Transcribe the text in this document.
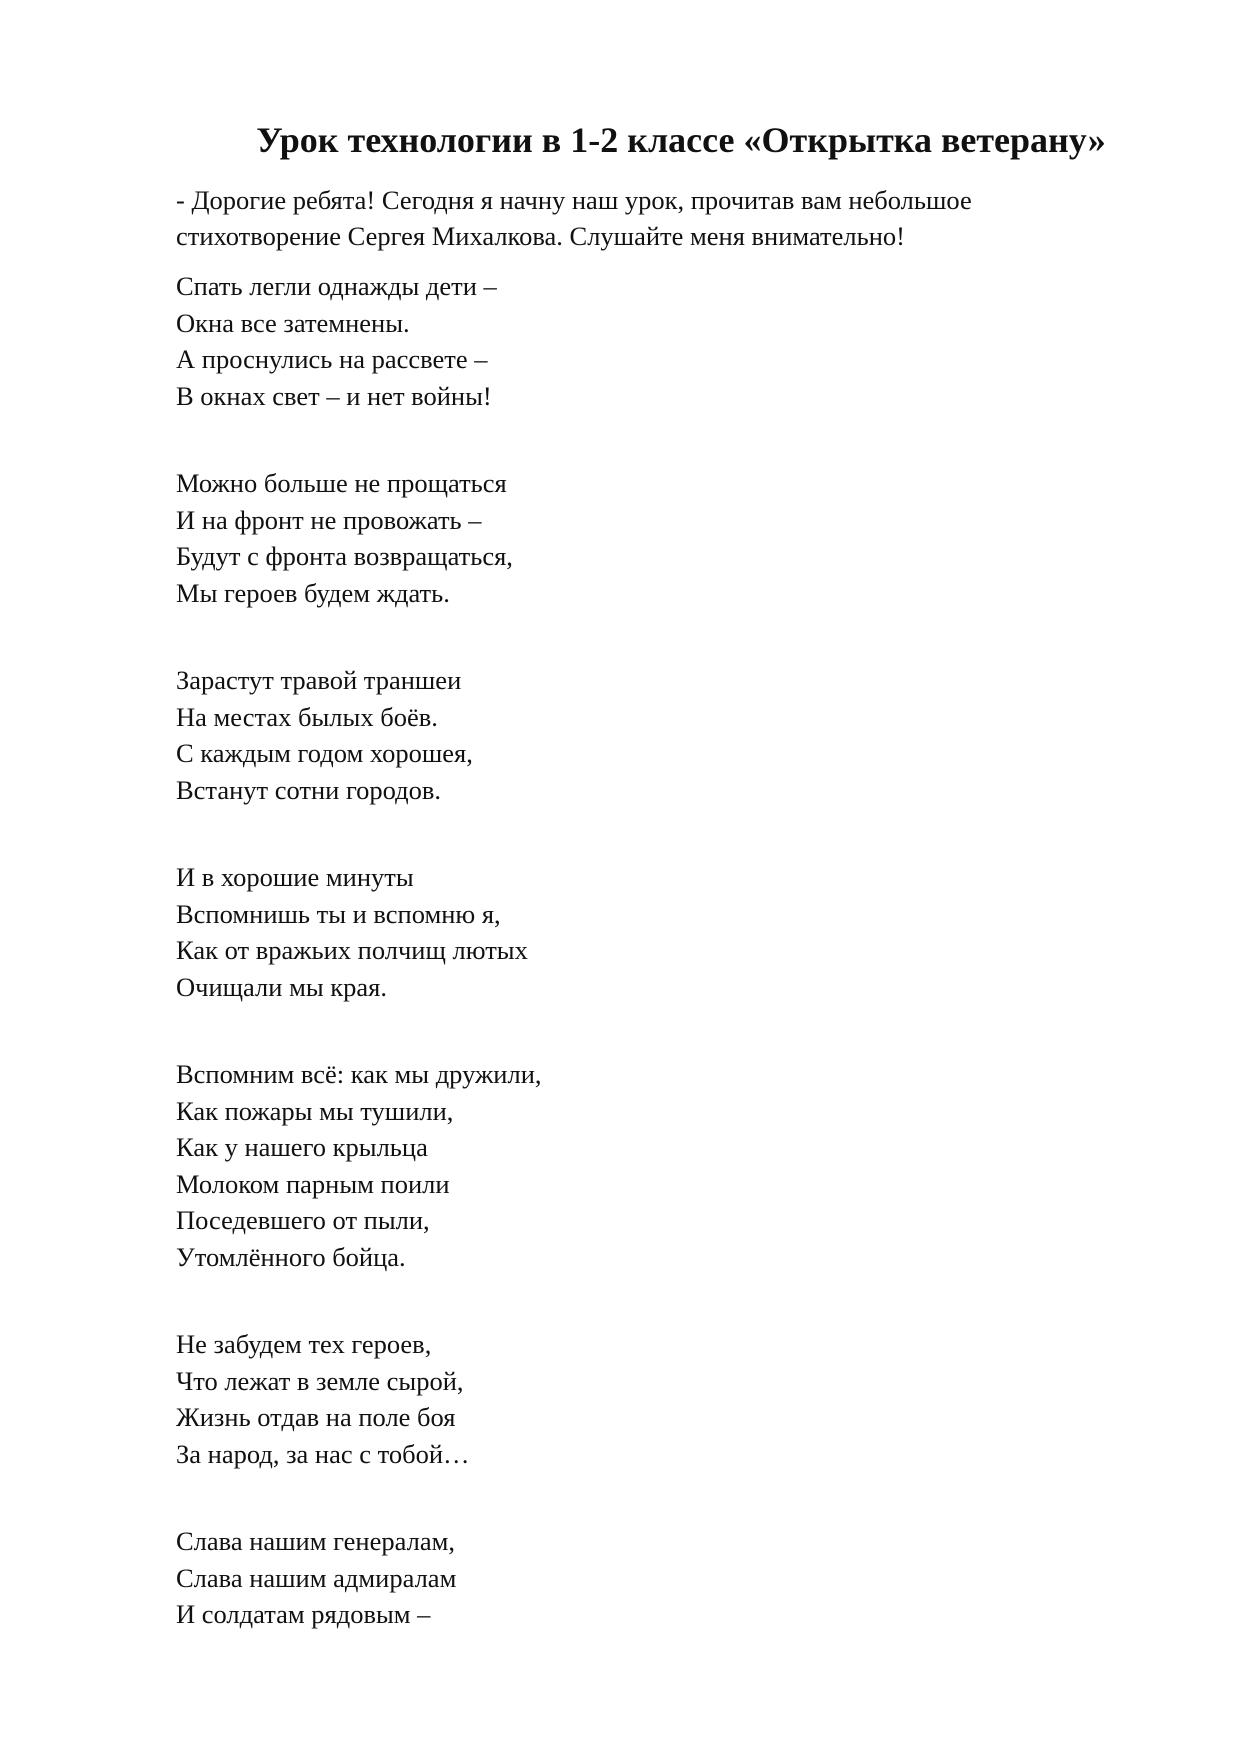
Урок технологии в 1-2 классе «Открытка ветерану»

- Дорогие ребята! Сегодня я начну наш урок, прочитав вам небольшое
стихотворение Сергея Михалкова. Слушайте меня внимательно!

Спать легли однажды дети –
Окна все затемнены.
А проснулись на рассвете –
В окнах свет – и нет войны!
Можно больше не прощаться
И на фронт не провожать –
Будут с фронта возвращаться,
Мы героев будем ждать.
Зарастут травой траншеи
На местах былых боёв.
С каждым годом хорошея,
Встанут сотни городов.
И в хорошие минуты
Вспомнишь ты и вспомню я,
Как от вражьих полчищ лютых
Очищали мы края.
Вспомним всё: как мы дружили,
Как пожары мы тушили,
Как у нашего крыльца
Молоком парным поили
Поседевшего от пыли,
Утомлённого бойца.
Не забудем тех героев,
Что лежат в земле сырой,
Жизнь отдав на поле боя
За народ, за нас с тобой…
Слава нашим генералам,
Слава нашим адмиралам
И солдатам рядовым –
